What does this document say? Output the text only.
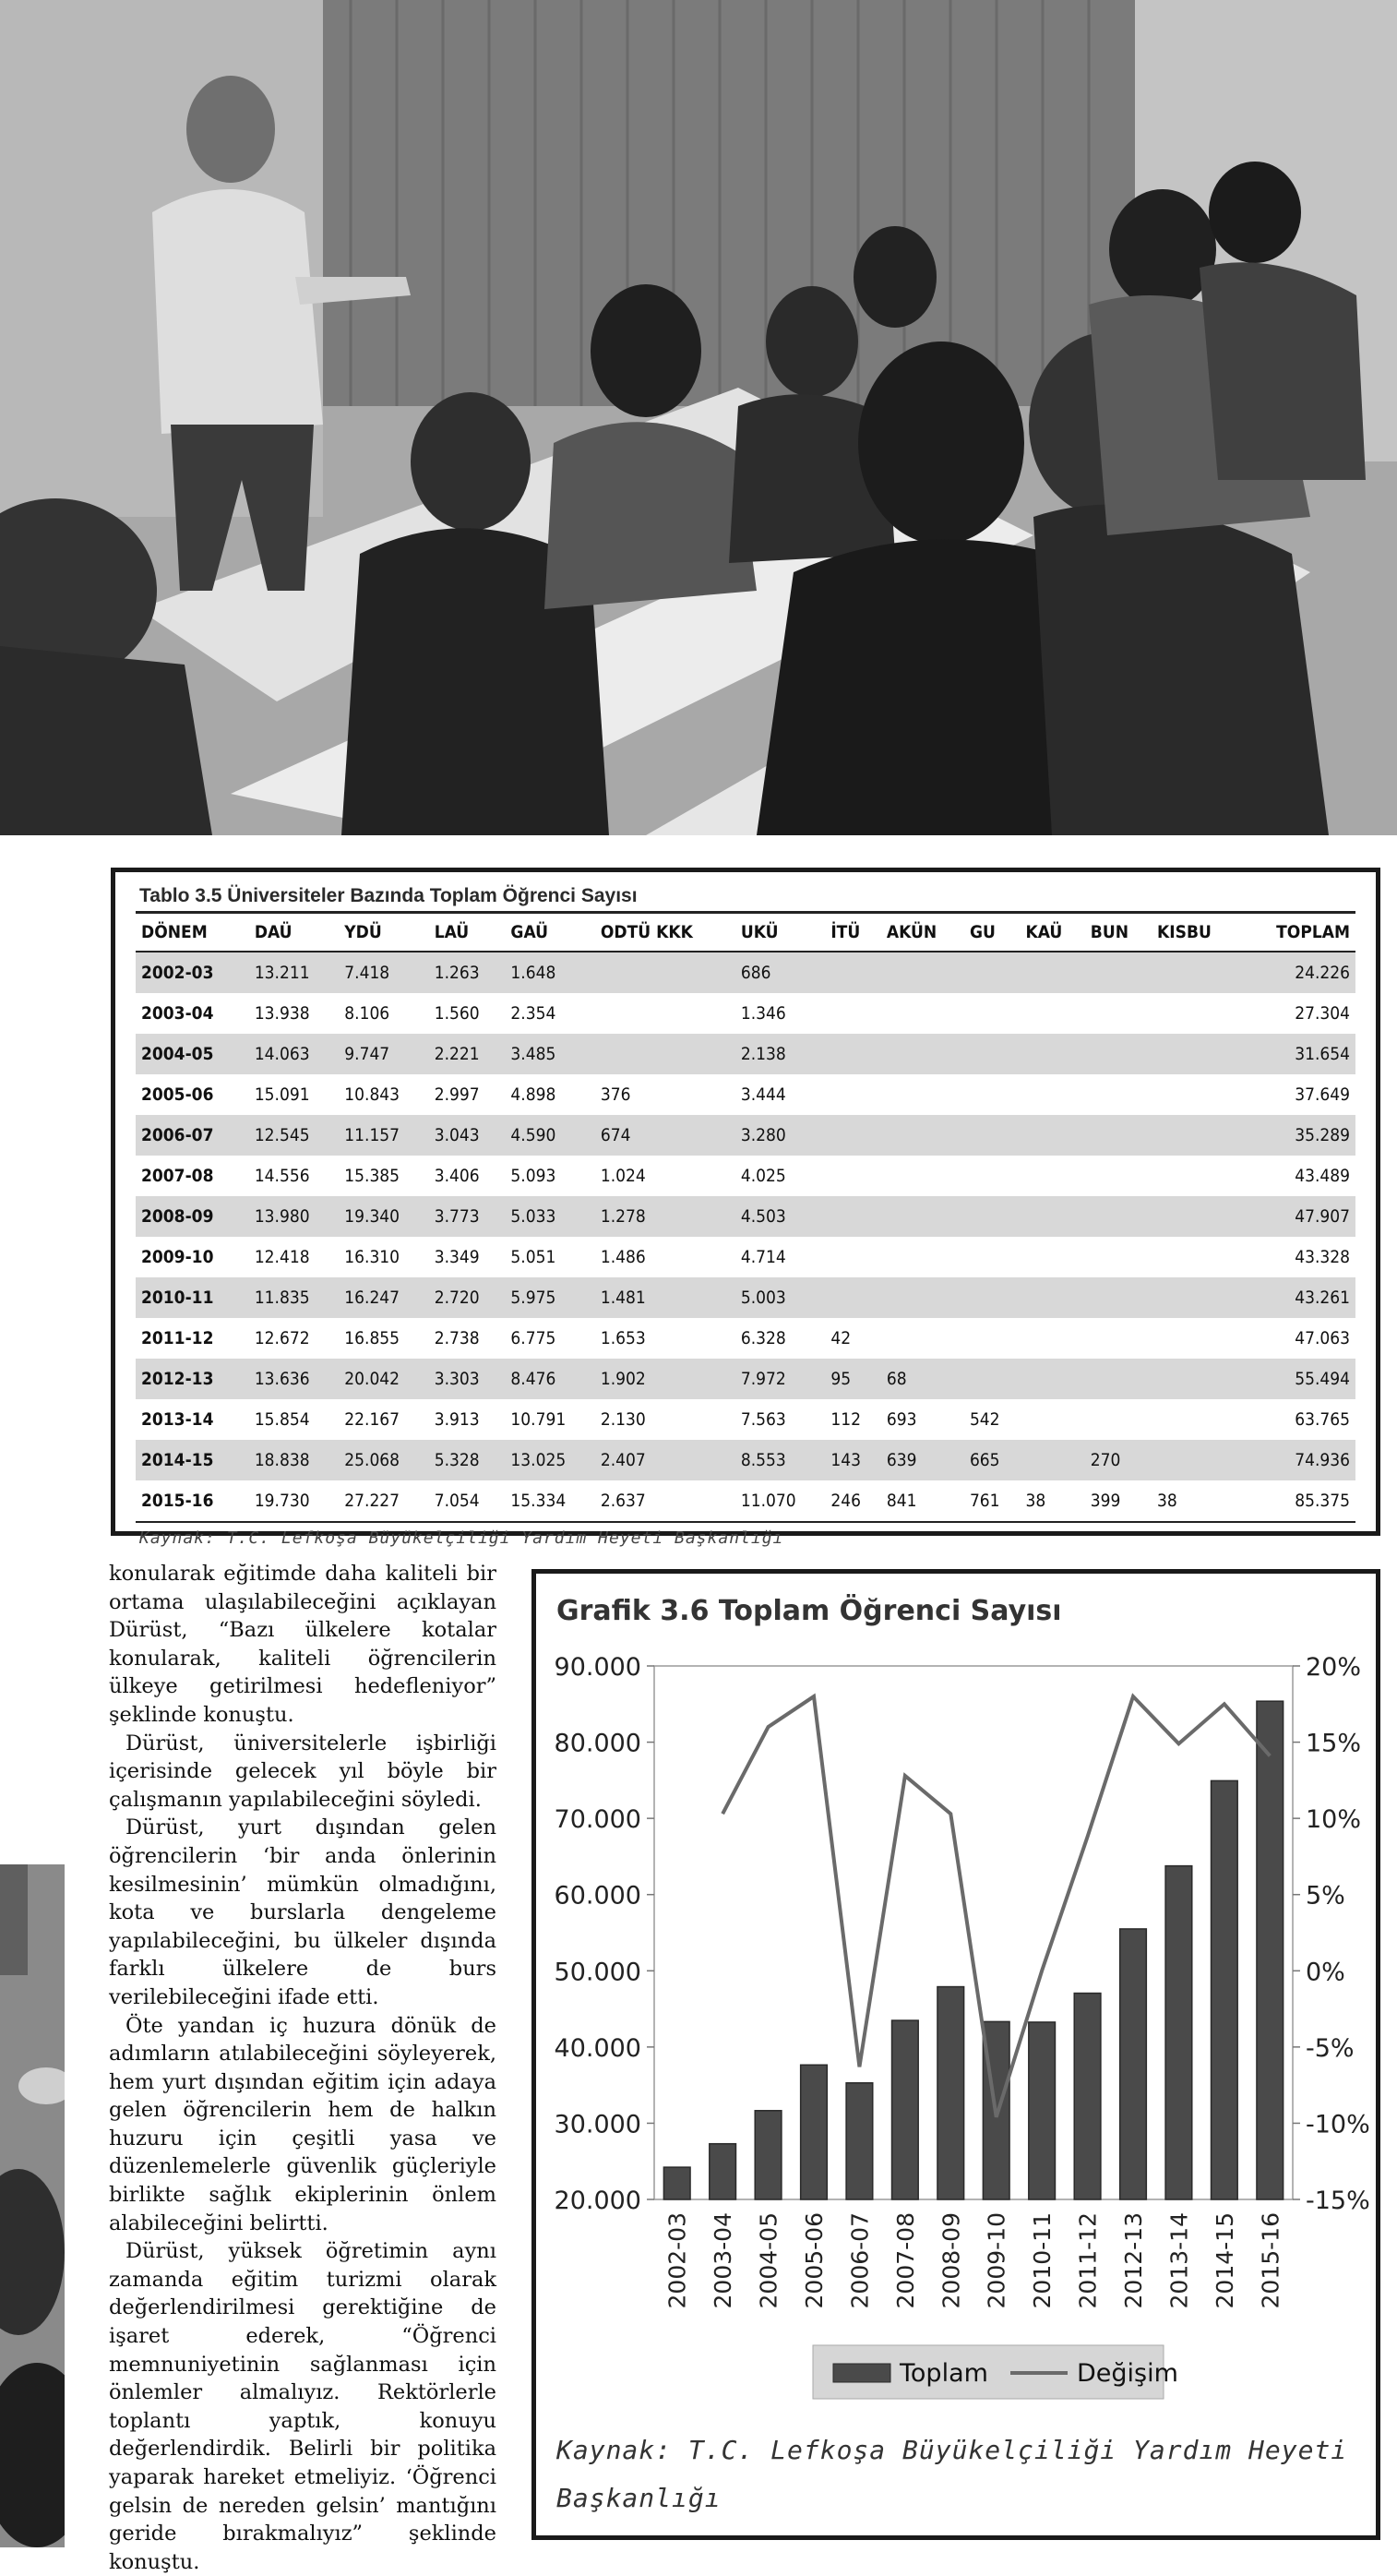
Tablo 3.5 Üniversiteler Bazında Toplam Öğrenci Sayısı
DÖNEM	DAÜ	YDÜ	LAÜ	GAÜ	ODTÜ KKK	UKÜ	İTÜ	AKÜN	GU	KAÜ	BUN	KISBU	TOPLAM
2002-03	13.211	7.418	1.263	1.648		686							24.226
2003-04	13.938	8.106	1.560	2.354		1.346							27.304
2004-05	14.063	9.747	2.221	3.485		2.138							31.654
2005-06	15.091	10.843	2.997	4.898	376	3.444							37.649
2006-07	12.545	11.157	3.043	4.590	674	3.280							35.289
2007-08	14.556	15.385	3.406	5.093	1.024	4.025							43.489
2008-09	13.980	19.340	3.773	5.033	1.278	4.503							47.907
2009-10	12.418	16.310	3.349	5.051	1.486	4.714							43.328
2010-11	11.835	16.247	2.720	5.975	1.481	5.003							43.261
2011-12	12.672	16.855	2.738	6.775	1.653	6.328	42						47.063
2012-13	13.636	20.042	3.303	8.476	1.902	7.972	95	68					55.494
2013-14	15.854	22.167	3.913	10.791	2.130	7.563	112	693	542				63.765
2014-15	18.838	25.068	5.328	13.025	2.407	8.553	143	639	665		270		74.936
2015-16	19.730	27.227	7.054	15.334	2.637	11.070	246	841	761	38	399	38	85.375
Kaynak: T.C. Lefkoşa Büyükelçiliği Yardım Heyeti Başkanlığı

konularak eğitimde daha kaliteli bir ortama ulaşılabileceğini açıklayan Dürüst, “Bazı ülkelere kotalar konularak, kaliteli öğrencilerin ülkeye getirilmesi hedefleniyor” şeklinde konuştu.

Dürüst, üniversitelerle işbirliği içerisinde gelecek yıl böyle bir çalışmanın yapılabileceğini söyledi.

Dürüst, yurt dışından gelen öğrencilerin ‘bir anda önlerinin kesilmesinin’ mümkün olmadığını, kota ve burslarla dengeleme yapılabileceğini, bu ülkeler dışında farklı ülkelere de burs verilebileceğini ifade etti.

Öte yandan iç huzura dönük de adımların atılabileceğini söyleyerek, hem yurt dışından eğitim için adaya gelen öğrencilerin hem de halkın huzuru için çeşitli yasa ve düzenlemelerle güvenlik güçleriyle birlikte sağlık ekiplerinin önlem alabileceğini belirtti.

Dürüst, yüksek öğretimin aynı zamanda eğitim turizmi olarak değerlendirilmesi gerektiğine de işaret ederek, “Öğrenci memnuniyetinin sağlanması için önlemler almalıyız. Rektörlerle toplantı yaptık, konuyu değerlendirdik. Belirli bir politika yaparak hareket etmeliyiz. ‘Öğrenci gelsin de nereden gelsin’ mantığını geride bırakmalıyız” şeklinde konuştu.

Grafik 3.6 Toplam Öğrenci Sayısı
20.000
30.000
40.000
50.000
60.000
70.000
80.000
90.000
-15%
-10%
-5%
0%
5%
10%
15%
20%
2002-03 2003-04 2004-05 2005-06 2006-07 2007-08 2008-09 2009-10 2010-11 2011-12 2012-13 2013-14 2014-15 2015-16
Toplam	Değişim
Kaynak: T.C. Lefkoşa Büyükelçiliği Yardım Heyeti Başkanlığı
